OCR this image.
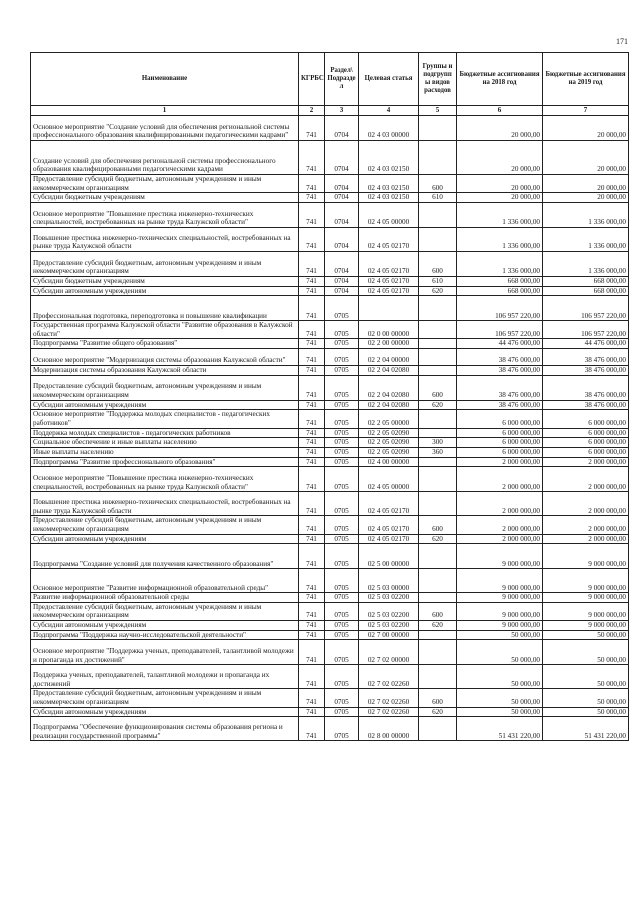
171
Наименование	КГРБС	Раздел\ Подразде л	Целевая статья	Группы и подгрупп ы видов расходов	Бюджетные ассигнования на 2018 год	Бюджетные ассигнования на 2019 год
1	2	3	4	5	6	7
Основное мероприятие "Создание условий для обеспечения региональной системы профессионального образования квалифицированными педагогическими кадрами"	741	0704	02 4 03 00000		20 000,00	20 000,00
Создание условий для обеспечения региональной системы профессионального образования квалифицированными педагогическими кадрами	741	0704	02 4 03 02150		20 000,00	20 000,00
Предоставление субсидий бюджетным, автономным учреждениям и иным некоммерческим организациям	741	0704	02 4 03 02150	600	20 000,00	20 000,00
Субсидии бюджетным учреждениям	741	0704	02 4 03 02150	610	20 000,00	20 000,00
Основное мероприятие "Повышение престижа инженерно-технических специальностей, востребованных на рынке труда Калужской области"	741	0704	02 4 05 00000		1 336 000,00	1 336 000,00
Повышение престижа инженерно-технических специальностей, востребованных на рынке труда Калужской области	741	0704	02 4 05 02170		1 336 000,00	1 336 000,00
Предоставление субсидий бюджетным, автономным учреждениям и иным некоммерческим организациям	741	0704	02 4 05 02170	600	1 336 000,00	1 336 000,00
Субсидии бюджетным учреждениям	741	0704	02 4 05 02170	610	668 000,00	668 000,00
Субсидии автономным учреждениям	741	0704	02 4 05 02170	620	668 000,00	668 000,00
Профессиональная подготовка, переподготовка и повышение квалификации	741	0705			106 957 220,00	106 957 220,00
Государственная программа Калужской области "Развитие образования в Калужской области"	741	0705	02 0 00 00000		106 957 220,00	106 957 220,00
Подпрограмма "Развитие общего образования"	741	0705	02 2 00 00000		44 476 000,00	44 476 000,00
Основное мероприятие "Модернизация системы образования Калужской области"	741	0705	02 2 04 00000		38 476 000,00	38 476 000,00
Модернизация системы образования Калужской области	741	0705	02 2 04 02080		38 476 000,00	38 476 000,00
Предоставление субсидий бюджетным, автономным учреждениям и иным некоммерческим организациям	741	0705	02 2 04 02080	600	38 476 000,00	38 476 000,00
Субсидии автономным учреждениям	741	0705	02 2 04 02080	620	38 476 000,00	38 476 000,00
Основное мероприятие "Поддержка молодых специалистов - педагогических работников"	741	0705	02 2 05 00000		6 000 000,00	6 000 000,00
Поддержка молодых специалистов - педагогических работников	741	0705	02 2 05 02090		6 000 000,00	6 000 000,00
Социальное обеспечение и иные выплаты населению	741	0705	02 2 05 02090	300	6 000 000,00	6 000 000,00
Иные выплаты населению	741	0705	02 2 05 02090	360	6 000 000,00	6 000 000,00
Подпрограмма "Развитие профессионального образования"	741	0705	02 4 00 00000		2 000 000,00	2 000 000,00
Основное мероприятие "Повышение престижа инженерно-технических специальностей, востребованных на рынке труда Калужской области"	741	0705	02 4 05 00000		2 000 000,00	2 000 000,00
Повышение престижа инженерно-технических специальностей, востребованных на рынке труда Калужской области	741	0705	02 4 05 02170		2 000 000,00	2 000 000,00
Предоставление субсидий бюджетным, автономным учреждениям и иным некоммерческим организациям	741	0705	02 4 05 02170	600	2 000 000,00	2 000 000,00
Субсидии автономным учреждениям	741	0705	02 4 05 02170	620	2 000 000,00	2 000 000,00
Подпрограмма "Создание условий для получения качественного образования"	741	0705	02 5 00 00000		9 000 000,00	9 000 000,00
Основное мероприятие "Развитие информационной образовательной среды"	741	0705	02 5 03 00000		9 000 000,00	9 000 000,00
Развитие информационной образовательной среды	741	0705	02 5 03 02200		9 000 000,00	9 000 000,00
Предоставление субсидий бюджетным, автономным учреждениям и иным некоммерческим организациям	741	0705	02 5 03 02200	600	9 000 000,00	9 000 000,00
Субсидии автономным учреждениям	741	0705	02 5 03 02200	620	9 000 000,00	9 000 000,00
Подпрограмма "Поддержка научно-исследовательской деятельности"	741	0705	02 7 00 00000		50 000,00	50 000,00
Основное мероприятие "Поддержка ученых, преподавателей, талантливой молодежи и пропаганда их достижений"	741	0705	02 7 02 00000		50 000,00	50 000,00
Поддержка ученых, преподавателей, талантливой молодежи и пропаганда их достижений	741	0705	02 7 02 02260		50 000,00	50 000,00
Предоставление субсидий бюджетным, автономным учреждениям и иным некоммерческим организациям	741	0705	02 7 02 02260	600	50 000,00	50 000,00
Субсидии автономным учреждениям	741	0705	02 7 02 02260	620	50 000,00	50 000,00
Подпрограмма "Обеспечение функционирования системы образования региона и реализации государственной программы"	741	0705	02 8 00 00000		51 431 220,00	51 431 220,00
